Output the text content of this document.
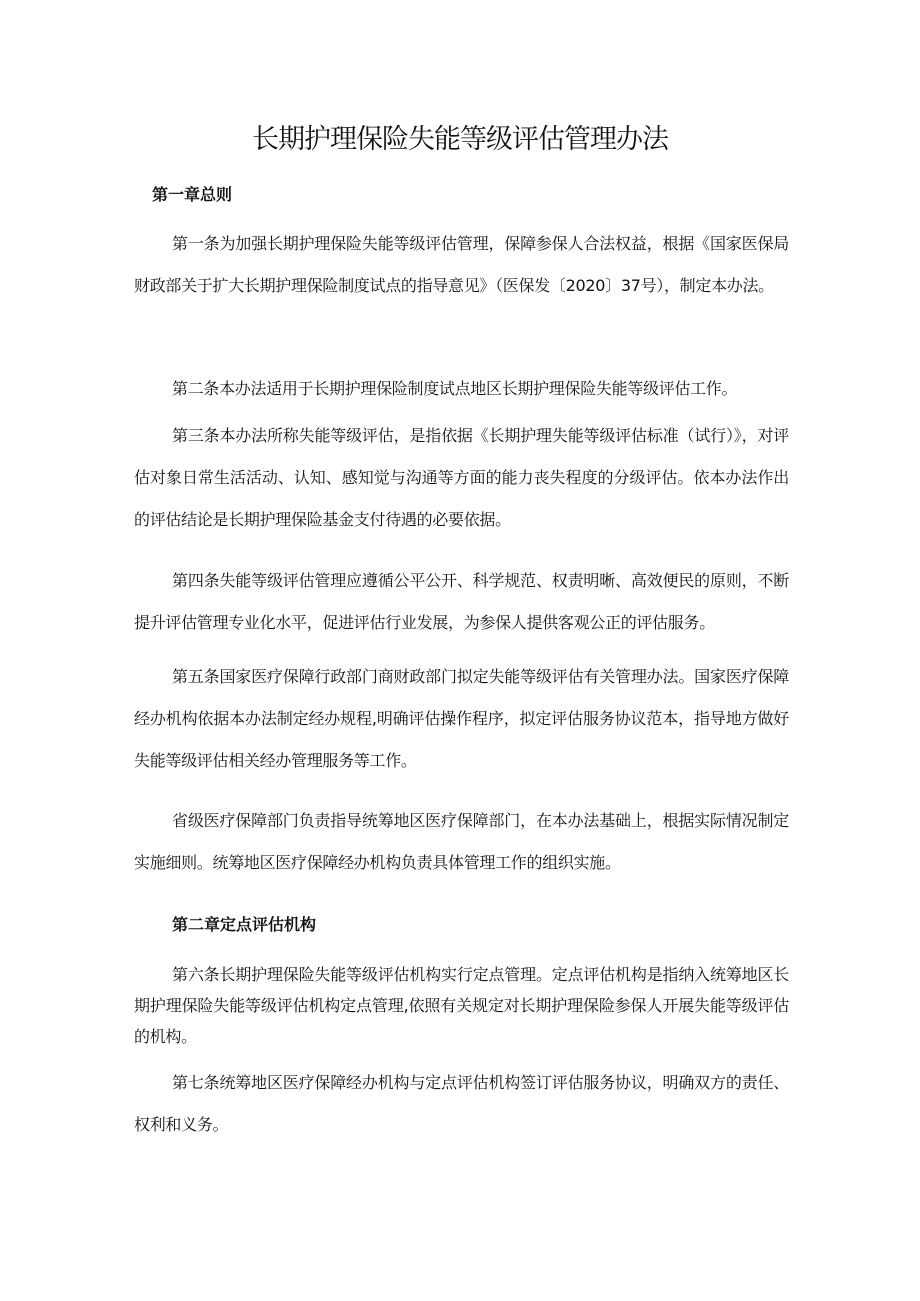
长期护理保险失能等级评估管理办法
第一章总则

第一条为加强长期护理保险失能等级评估管理，保障参保人合法权益，根据《国家医保局财政部关于扩大长期护理保险制度试点的指导意见》（医保发〔2020〕37号），制定本办法。

第二条本办法适用于长期护理保险制度试点地区长期护理保险失能等级评估工作。

第三条本办法所称失能等级评估，是指依据《长期护理失能等级评估标准（试行）》，对评估对象日常生活活动、认知、感知觉与沟通等方面的能力丧失程度的分级评估。依本办法作出的评估结论是长期护理保险基金支付待遇的必要依据。

第四条失能等级评估管理应遵循公平公开、科学规范、权责明晰、高效便民的原则，不断提升评估管理专业化水平，促进评估行业发展，为参保人提供客观公正的评估服务。

第五条国家医疗保障行政部门商财政部门拟定失能等级评估有关管理办法。国家医疗保障经办机构依据本办法制定经办规程,明确评估操作程序，拟定评估服务协议范本，指导地方做好失能等级评估相关经办管理服务等工作。

省级医疗保障部门负责指导统筹地区医疗保障部门，在本办法基础上，根据实际情况制定实施细则。统筹地区医疗保障经办机构负责具体管理工作的组织实施。

第二章定点评估机构

第六条长期护理保险失能等级评估机构实行定点管理。定点评估机构是指纳入统筹地区长期护理保险失能等级评估机构定点管理,依照有关规定对长期护理保险参保人开展失能等级评估的机构。

第七条统筹地区医疗保障经办机构与定点评估机构签订评估服务协议，明确双方的责任、权利和义务。
